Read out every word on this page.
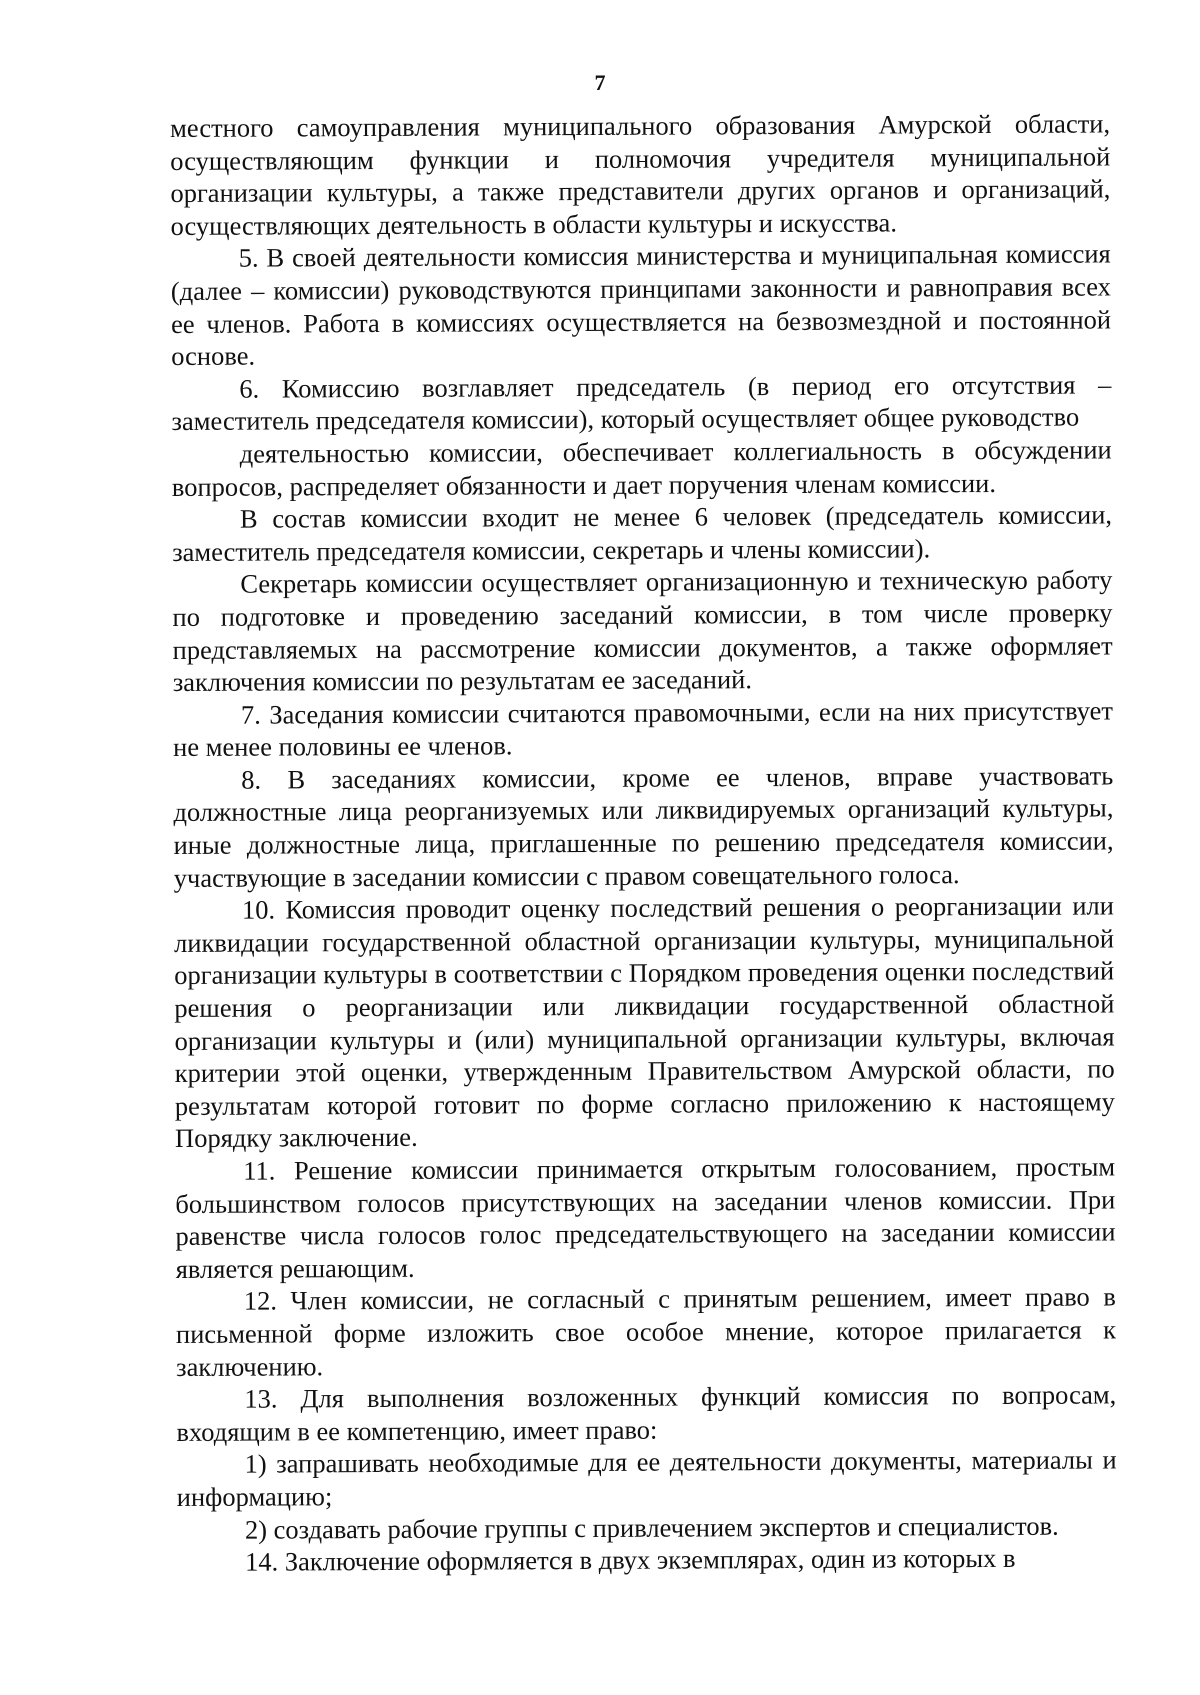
7

местного самоуправления муниципального образования Амурской области, осуществляющим функции и полномочия учредителя муниципальной организации культуры, а также представители других органов и организаций, осуществляющих деятельность в области культуры и искусства.

5. В своей деятельности комиссия министерства и муниципальная комиссия (далее – комиссии) руководствуются принципами законности и равноправия всех ее членов. Работа в комиссиях осуществляется на безвозмездной и постоянной основе.

6. Комиссию возглавляет председатель (в период его отсутствия – заместитель председателя комиссии), который осуществляет общее руководство

деятельностью комиссии, обеспечивает коллегиальность в обсуждении вопросов, распределяет обязанности и дает поручения членам комиссии.

В состав комиссии входит не менее 6 человек (председатель комиссии, заместитель председателя комиссии, секретарь и члены комиссии).

Секретарь комиссии осуществляет организационную и техническую работу по подготовке и проведению заседаний комиссии, в том числе проверку представляемых на рассмотрение комиссии документов, а также оформляет заключения комиссии по результатам ее заседаний.

7. Заседания комиссии считаются правомочными, если на них присутствует не менее половины ее членов.

8. В заседаниях комиссии, кроме ее членов, вправе участвовать должностные лица реорганизуемых или ликвидируемых организаций культуры, иные должностные лица, приглашенные по решению председателя комиссии, участвующие в заседании комиссии с правом совещательного голоса.

10. Комиссия проводит оценку последствий решения о реорганизации или ликвидации государственной областной организации культуры, муниципальной организации культуры в соответствии с Порядком проведения оценки последствий решения о реорганизации или ликвидации государственной областной организации культуры и (или) муниципальной организации культуры, включая критерии этой оценки, утвержденным Правительством Амурской области, по результатам которой готовит по форме согласно приложению к настоящему Порядку заключение.

11. Решение комиссии принимается открытым голосованием, простым большинством голосов присутствующих на заседании членов комиссии. При равенстве числа голосов голос председательствующего на заседании комиссии является решающим.

12. Член комиссии, не согласный с принятым решением, имеет право в письменной форме изложить свое особое мнение, которое прилагается к заключению.

13. Для выполнения возложенных функций комиссия по вопросам, входящим в ее компетенцию, имеет право:

1) запрашивать необходимые для ее деятельности документы, материалы и информацию;

2) создавать рабочие группы с привлечением экспертов и специалистов.

14. Заключение оформляется в двух экземплярах, один из которых в
